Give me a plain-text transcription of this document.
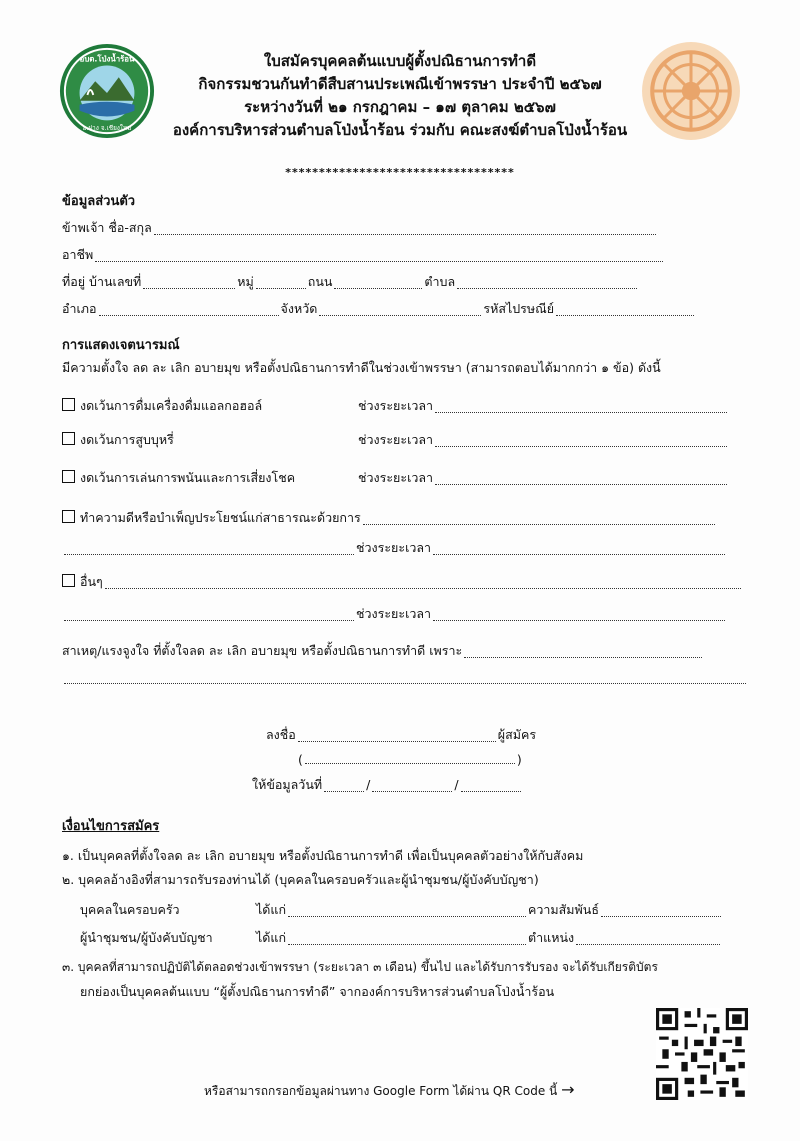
อบต.โป่งน้ำร้อน
อ.ฝาง จ.เชียงใหม่
ใบสมัครบุคคลต้นแบบผู้ตั้งปณิธานการทำดี
กิจกรรมชวนกันทำดีสืบสานประเพณีเข้าพรรษา ประจำปี ๒๕๖๗
ระหว่างวันที่ ๒๑ กรกฎาคม – ๑๗ ตุลาคม ๒๕๖๗
องค์การบริหารส่วนตำบลโป่งน้ำร้อน ร่วมกับ คณะสงฆ์ตำบลโป่งน้ำร้อน
**********************************
ข้อมูลส่วนตัว
ข้าพเจ้า ชื่อ-สกุล
อาชีพ
ที่อยู่ บ้านเลขที่	หมู่	ถนน	ตำบล
อำเภอ	จังหวัด	รหัสไปรษณีย์
การแสดงเจตนารมณ์
มีความตั้งใจ ลด ละ เลิก อบายมุข หรือตั้งปณิธานการทำดีในช่วงเข้าพรรษา (สามารถตอบได้มากกว่า ๑ ข้อ) ดังนี้
งดเว้นการดื่มเครื่องดื่มแอลกอฮอล์	ช่วงระยะเวลา
งดเว้นการสูบบุหรี่	ช่วงระยะเวลา
งดเว้นการเล่นการพนันและการเสี่ยงโชค	ช่วงระยะเวลา
ทำความดีหรือบำเพ็ญประโยชน์แก่สาธารณะด้วยการ
ช่วงระยะเวลา
อื่นๆ
ช่วงระยะเวลา
สาเหตุ/แรงจูงใจ ที่ตั้งใจลด ละ เลิก อบายมุข หรือตั้งปณิธานการทำดี เพราะ
ลงชื่อ	ผู้สมัคร
(	)
ให้ข้อมูลวันที่	/	/
เงื่อนไขการสมัคร
๑. เป็นบุคคลที่ตั้งใจลด ละ เลิก อบายมุข หรือตั้งปณิธานการทำดี เพื่อเป็นบุคคลตัวอย่างให้กับสังคม
๒. บุคคลอ้างอิงที่สามารถรับรองท่านได้ (บุคคลในครอบครัวและผู้นำชุมชน/ผู้บังคับบัญชา)
บุคคลในครอบครัว	ได้แก่	ความสัมพันธ์
ผู้นำชุมชน/ผู้บังคับบัญชา	ได้แก่	ตำแหน่ง
๓. บุคคลที่สามารถปฏิบัติได้ตลอดช่วงเข้าพรรษา (ระยะเวลา ๓ เดือน) ขึ้นไป และได้รับการรับรอง จะได้รับเกียรติบัตร
ยกย่องเป็นบุคคลต้นแบบ “ผู้ตั้งปณิธานการทำดี” จากองค์การบริหารส่วนตำบลโป่งน้ำร้อน
หรือสามารถกรอกข้อมูลผ่านทาง Google Form ได้ผ่าน QR Code นี้ →
